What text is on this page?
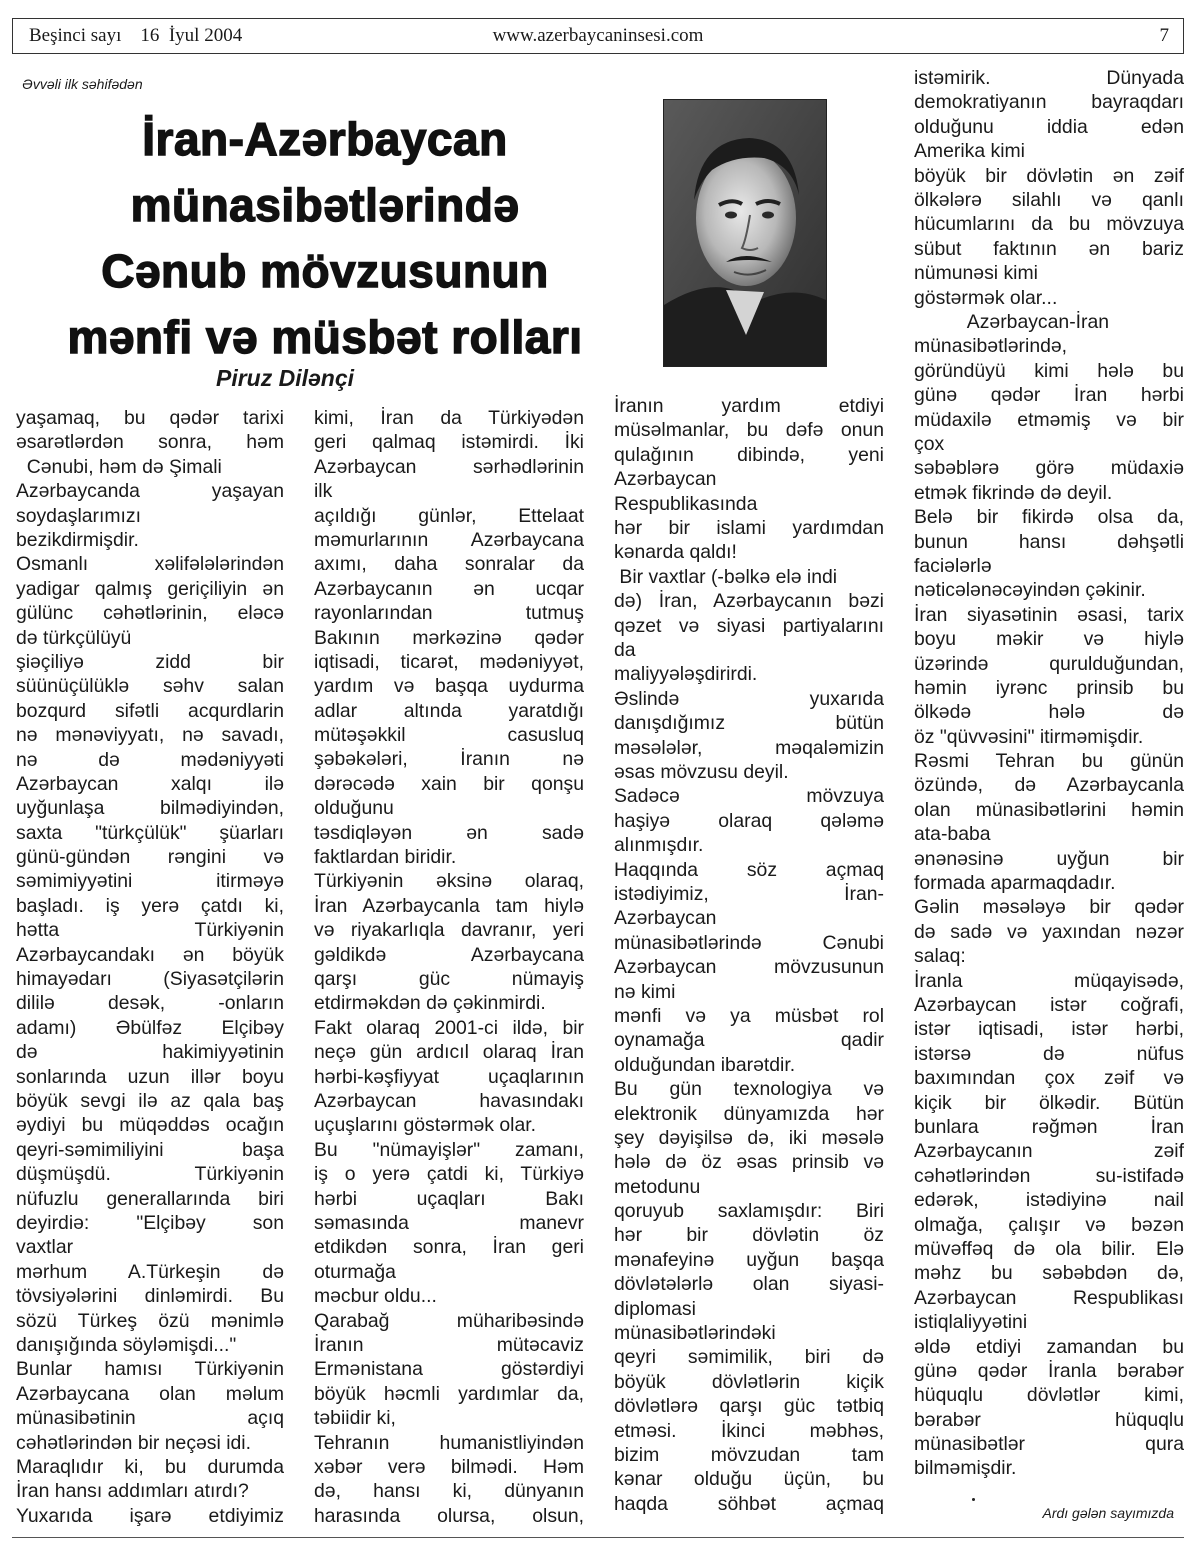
Beşinci sayı    16  İyul 2004	www.azerbaycaninsesi.com	7
Əvvəli ilk səhifədən
İran-Azərbaycan
münasibətlərində
Cənub mövzusunun
mənfi və müsbət rolları
Piruz Dilənçi
yaşamaq, bu qədər tarixi
əsarətlərdən sonra, həm
Cənubi, həm də Şimali
Azərbaycanda yaşayan
soydaşlarımızı
bezikdirmişdir.
Osmanlı xəlifələlərindən
yadigar qalmış geriçiliyin ən
gülünc cəhətlərinin, eləcə
də türkçülüyü
şiəçiliyə zidd bir
süünüçülüklə səhv salan
bozqurd sifətli acqurdlarin
nə mənəviyyatı, nə savadı,
nə də mədəniyyəti
Azərbaycan xalqı ilə
uyğunlaşa bilmədiyindən,
saxta "türkçülük" şüarları
günü-gündən rəngini və
səmimiyyətini itirməyə
başladı. iş yerə çatdı ki,
hətta Türkiyənin
Azərbaycandakı ən böyük
himayədarı (Siyasətçilərin
dililə desək, -onların
adamı) Əbülfəz Elçibəy
də hakimiyyətinin
sonlarında uzun illər boyu
böyük sevgi ilə az qala baş
əydiyi bu müqəddəs ocağın
qeyri-səmimiliyini başa
düşmüşdü. Türkiyənin
nüfuzlu generallarında biri
deyirdiə: "Elçibəy son
vaxtlar
mərhum A.Türkeşin də
tövsiyələrini dinləmirdi. Bu
sözü Türkeş özü mənimlə
danışığında söyləmişdi..."
Bunlar hamısı Türkiyənin
Azərbaycana olan məlum
münasibətinin açıq
cəhətlərindən bir neçəsi idi.
Maraqlıdır ki, bu durumda
İran hansı addımları atırdı?
Yuxarıda işarə etdiyimiz
kimi, İran da Türkiyədən
geri qalmaq istəmirdi. İki
Azərbaycan sərhədlərinin
ilk
açıldığı günlər, Ettelaat
məmurlarının Azərbaycana
axımı, daha sonralar da
Azərbaycanın ən ucqar
rayonlarından tutmuş
Bakının mərkəzinə qədər
iqtisadi, ticarət, mədəniyyət,
yardım və başqa uydurma
adlar altında yaratdığı
mütəşəkkil casusluq
şəbəkələri, İranın nə
dərəcədə xain bir qonşu
olduğunu
təsdiqləyən ən sadə
faktlardan biridir.
Türkiyənin əksinə olaraq,
İran Azərbaycanla tam hiylə
və riyakarlıqla davranır, yeri
gəldikdə Azərbaycana
qarşı güc nümayiş
etdirməkdən də çəkinmirdi.
Fakt olaraq 2001-ci ildə, bir
neçə gün ardıcıl olaraq İran
hərbi-kəşfiyyat uçaqlarının
Azərbaycan havasındakı
uçuşlarını göstərmək olar.
Bu "nümayişlər" zamanı,
iş o yerə çatdi ki, Türkiyə
hərbi uçaqları Bakı
səmasında manevr
etdikdən sonra, İran geri
oturmağa
məcbur oldu...
Qarabağ müharibəsində
İranın mütəcaviz
Ermənistana göstərdiyi
böyük həcmli yardımlar da,
təbiidir ki,
Tehranın humanistliyindən
xəbər verə bilmədi. Həm
də, hansı ki, dünyanın
harasında olursa, olsun,
İranın yardım etdiyi
müsəlmanlar, bu dəfə onun
qulağının dibində, yeni
Azərbaycan
Respublikasında
hər bir islami yardımdan
kənarda qaldı!
Bir vaxtlar (-bəlkə elə indi
də) İran, Azərbaycanın bəzi
qəzet və siyasi partiyalarını
da
maliyyələşdirirdi.
Əslində yuxarıda
danışdığımız bütün
məsələlər, məqaləmizin
əsas mövzusu deyil.
Sadəcə mövzuya
haşiyə olaraq qələmə
alınmışdır.
Haqqında söz açmaq
istədiyimiz, İran-
Azərbaycan
münasibətlərində Cənubi
Azərbaycan mövzusunun
nə kimi
mənfi və ya müsbət rol
oynamağa qadir
olduğundan ibarətdir.
Bu gün texnologiya və
elektronik dünyamızda hər
şey dəyişilsə də, iki məsələ
hələ də öz əsas prinsib və
metodunu
qoruyub saxlamışdır: Biri
hər bir dövlətin öz
mənafeyinə uyğun başqa
dövlətələrlə olan siyasi-
diplomasi
münasibətlərindəki
qeyri səmimilik, biri də
böyük dövlətlərin kiçik
dövlətlərə qarşı güc tətbiq
etməsi. İkinci məbhəs,
bizim mövzudan tam
kənar olduğu üçün, bu
haqda söhbət açmaq
istəmirik. Dünyada
demokratiyanın bayraqdarı
olduğunu iddia edən
Amerika kimi
böyük bir dövlətin ən zəif
ölkələrə silahlı və qanlı
hücumlarını da bu mövzuya
sübut faktının ən bariz
nümunəsi kimi
göstərmək olar...
Azərbaycan-İran
münasibətlərində,
göründüyü kimi hələ bu
günə qədər İran hərbi
müdaxilə etməmiş və bir
çox
səbəblərə görə müdaxiə
etmək fikrində də deyil.
Belə bir fikirdə olsa da,
bunun hansı dəhşətli
faciələrlə
nəticələnəcəyindən çəkinir.
İran siyasətinin əsasi, tarix
boyu məkir və hiylə
üzərində qurulduğundan,
həmin iyrənc prinsib bu
ölkədə hələ də
öz "qüvvəsini" itirməmişdir.
Rəsmi Tehran bu günün
özündə, də Azərbaycanla
olan münasibətlərini həmin
ata-baba
ənənəsinə uyğun bir
formada aparmaqdadır.
Gəlin məsələyə bir qədər
də sadə və yaxından nəzər
salaq:
İranla müqayisədə,
Azərbaycan istər coğrafi,
istər iqtisadi, istər hərbi,
istərsə də nüfus
baxımından çox zəif və
kiçik bir ölkədir. Bütün
bunlara rəğmən İran
Azərbaycanın zəif
cəhətlərindən su-istifadə
edərək, istədiyinə nail
olmağa, çalışır və bəzən
müvəffəq də ola bilir. Elə
məhz bu səbəbdən də,
Azərbaycan Respublikası
istiqlaliyyətini
əldə etdiyi zamandan bu
günə qədər İranla bərabər
hüquqlu dövlətlər kimi,
bərabər hüquqlu
münasibətlər qura
bilməmişdir.
Ardı gələn sayımızda
